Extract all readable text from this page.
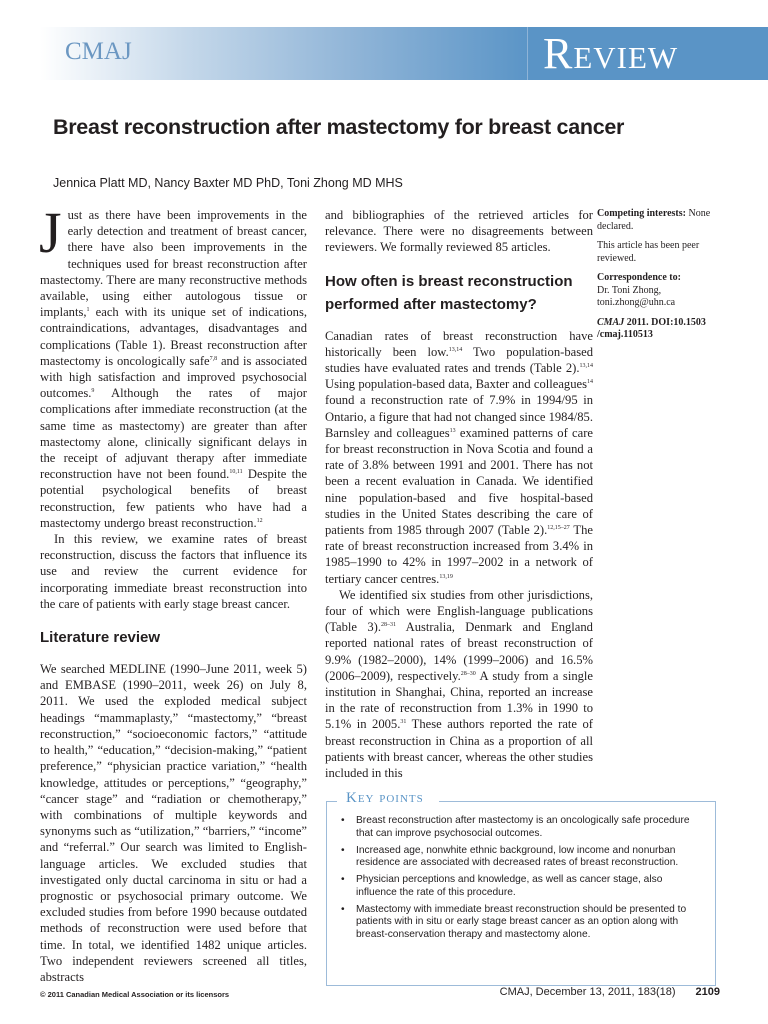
CMAJ	Review
Breast reconstruction after mastectomy for breast cancer
Jennica Platt MD, Nancy Baxter MD PhD, Toni Zhong MD MHS

Just as there have been improvements in the early detection and treatment of breast cancer, there have also been improvements in the techniques used for breast reconstruction after mastectomy. There are many reconstructive methods available, using either autologous tissue or implants,$^1$ each with its unique set of indications, contraindications, advantages, disadvantages and complications (Table 1). Breast reconstruction after mastectomy is oncologically safe$^{7,8}$ and is associated with high satisfaction and improved psychosocial outcomes.$^9$ Although the rates of major complications after immediate reconstruction (at the same time as mastectomy) are greater than after mastectomy alone, clinically significant delays in the receipt of adjuvant therapy after immediate reconstruction have not been found.$^{10,11}$ Despite the potential psychological benefits of breast reconstruction, few patients who have had a mastectomy undergo breast reconstruction.$^{12}$

In this review, we examine rates of breast reconstruction, discuss the factors that influence its use and review the current evidence for incorporating immediate breast reconstruction into the care of patients with early stage breast cancer.

Literature review

We searched MEDLINE (1990–June 2011, week 5) and EMBASE (1990–2011, week 26) on July 8, 2011. We used the exploded medical subject headings “mammaplasty,” “mastectomy,” “breast reconstruction,” “socioeconomic factors,” “attitude to health,” “education,” “decision-making,” “patient preference,” “physician practice variation,” “health knowledge, attitudes or perceptions,” “geography,” “cancer stage” and “radiation or chemotherapy,” with combinations of multiple keywords and synonyms such as “utilization,” “barriers,” “income” and “referral.” Our search was limited to English-language articles. We excluded studies that investigated only ductal carcinoma in situ or had a prognostic or psychosocial primary outcome. We excluded studies from before 1990 because outdated methods of reconstruction were used before that time. In total, we identified 1482 unique articles. Two independent reviewers screened all titles, abstracts

and bibliographies of the retrieved articles for relevance. There were no disagreements between reviewers. We formally reviewed 85 articles.

How often is breast reconstruction performed after mastectomy?

Canadian rates of breast reconstruction have historically been low.$^{13,14}$ Two population-based studies have evaluated rates and trends (Table 2).$^{13,14}$ Using population-based data, Baxter and colleagues$^{14}$ found a reconstruction rate of 7.9% in 1994/95 in Ontario, a figure that had not changed since 1984/85. Barnsley and colleagues$^{13}$ examined patterns of care for breast reconstruction in Nova Scotia and found a rate of 3.8% between 1991 and 2001. There has not been a recent evaluation in Canada. We identified nine population-based and five hospital-based studies in the United States describing the care of patients from 1985 through 2007 (Table 2).$^{12,15-27}$ The rate of breast reconstruction increased from 3.4% in 1985–1990 to 42% in 1997–2002 in a network of tertiary cancer centres.$^{13,19}$

We identified six studies from other jurisdictions, four of which were English-language publications (Table 3).$^{28-31}$ Australia, Denmark and England reported national rates of breast reconstruction of 9.9% (1982–2000), 14% (1999–2006) and 16.5% (2006–2009), respectively.$^{28-30}$ A study from a single institution in Shanghai, China, reported an increase in the rate of reconstruction from 1.3% in 1990 to 5.1% in 2005.31 These authors reported the rate of breast reconstruction in China as a proportion of all patients with breast cancer, whereas the other studies included in this

Competing interests: None declared.

This article has been peer reviewed.

Correspondence to:
Dr. Toni Zhong,
toni.zhong@uhn.ca

CMAJ 2011. DOI:10.1503 /cmaj.110513

Key points
• Breast reconstruction after mastectomy is an oncologically safe procedure that can improve psychosocial outcomes.
• Increased age, nonwhite ethnic background, low income and nonurban residence are associated with decreased rates of breast reconstruction.
• Physician perceptions and knowledge, as well as cancer stage, also influence the rate of this procedure.
• Mastectomy with immediate breast reconstruction should be presented to patients with in situ or early stage breast cancer as an option along with breast-conservation therapy and mastectomy alone.
© 2011 Canadian Medical Association or its licensors	CMAJ, December 13, 2011, 183(18) 2109
